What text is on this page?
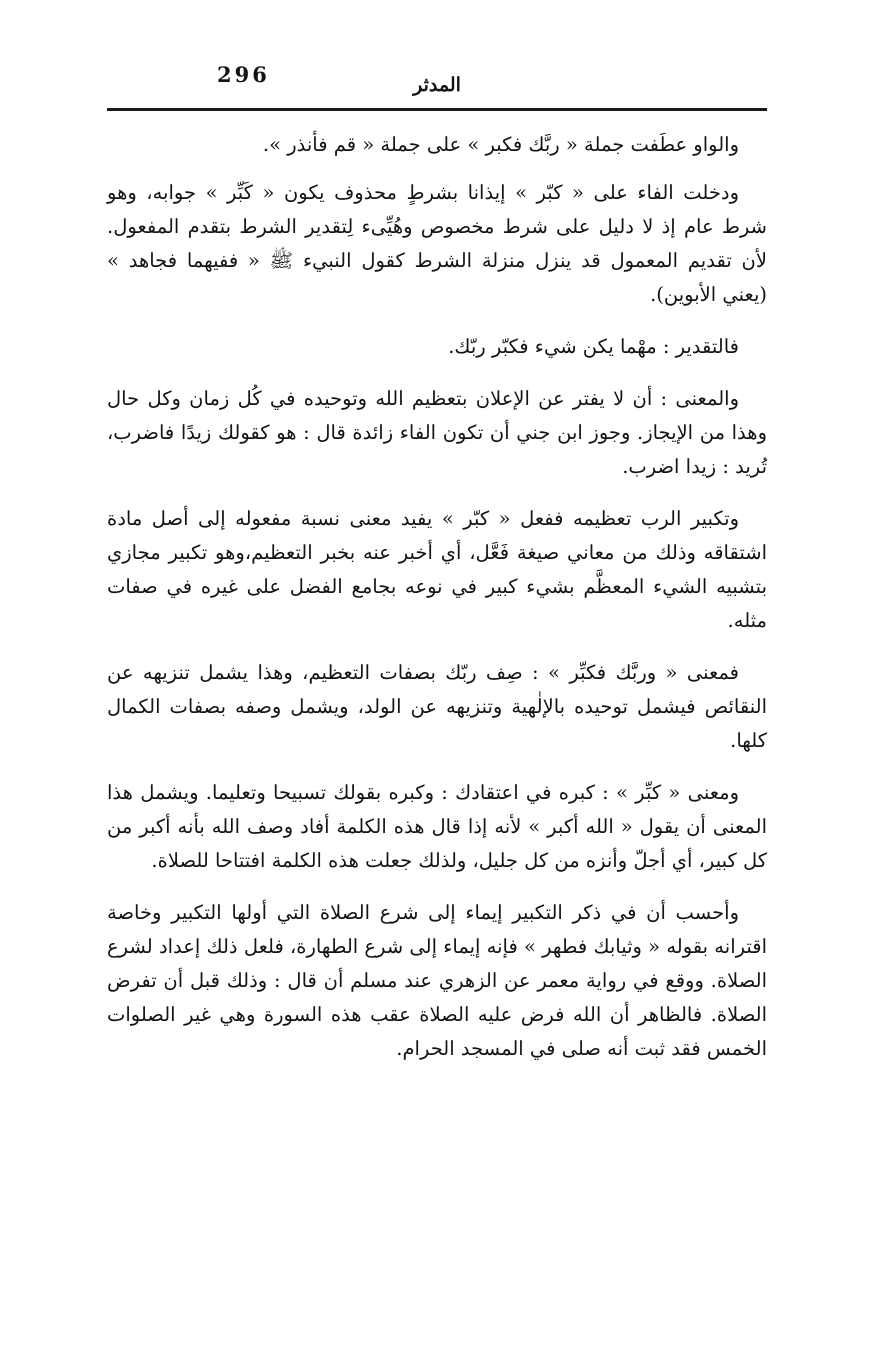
296	المدثر

والواو عطَفت جملة « ربَّك فكبر » على جملة « قم فأنذر ».

ودخلت الفاء على « كبّر » إيذانا بشرطٍ محذوف يكون « كَبِّر » جوابه، وهو شرط عام إذ لا دليل على شرط مخصوص وهُيِّىء لِتقدير الشرط بتقدم المفعول. لأن تقديم المعمول قد ينزل منزلة الشرط كقول النبيء ﷺ « ففيهما فجاهد » (يعني الأبوين).

فالتقدير : مهْما يكن شيء فكبّر ربّك.

والمعنى : أن لا يفتر عن الإعلان بتعظيم الله وتوحيده في كُل زمان وكل حال وهذا من الإيجاز. وجوز ابن جني أن تكون الفاء زائدة قال : هو كقولك زيدًا فاضرب، تُريد : زيدا اضرب.

وتكبير الرب تعظيمه ففعل « كبّر » يفيد معنى نسبة مفعوله إلى أصل مادة اشتقاقه وذلك من معاني صيغة فَعَّل، أي أخبر عنه بخبر التعظيم،وهو تكبير مجازي بتشبيه الشيء المعظَّم بشيء كبير في نوعه بجامع الفضل على غيره في صفات مثله.

فمعنى « وربَّك فكبِّر » : صِف ربّك بصفات التعظيم، وهذا يشمل تنزيهه عن النقائص فيشمل توحيده بالإلٰهية وتنزيهه عن الولد، ويشمل وصفه بصفات الكمال كلها.

ومعنى « كبِّر » : كبره في اعتقادك : وكبره بقولك تسبيحا وتعليما. ويشمل هذا المعنى أن يقول « الله أكبر » لأنه إذا قال هذه الكلمة أفاد وصف الله بأنه أكبر من كل كبير، أي أجلّ وأنزه من كل جليل، ولذلك جعلت هذه الكلمة افتتاحا للصلاة.

وأحسب أن في ذكر التكبير إيماء إلى شرع الصلاة التي أولها التكبير وخاصة اقترانه بقوله « وثيابك فطهر » فإنه إيماء إلى شرع الطهارة، فلعل ذلك إعداد لشرع الصلاة. ووقع في رواية معمر عن الزهري عند مسلم أن قال : وذلك قبل أن تفرض الصلاة. فالظاهر أن الله فرض عليه الصلاة عقب هذه السورة وهي غير الصلوات الخمس فقد ثبت أنه صلى في المسجد الحرام.
